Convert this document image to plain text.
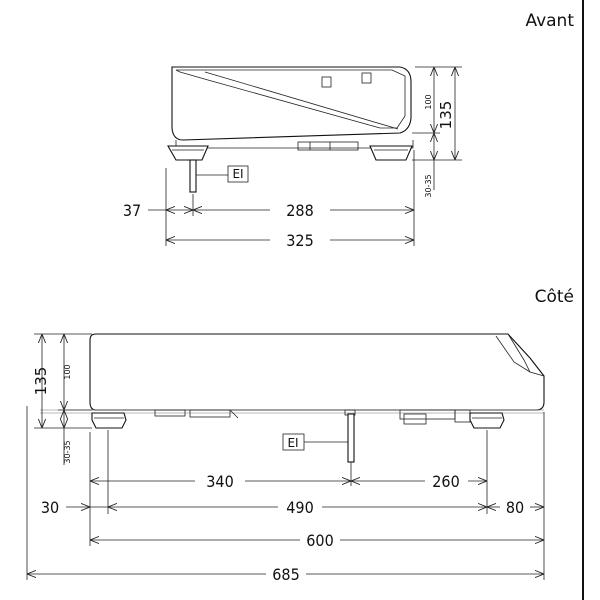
Avant
EI
37	288
325
135
100
30-35
Côté
EI
340	260
30	490	80
600
685
135 100
30-35
